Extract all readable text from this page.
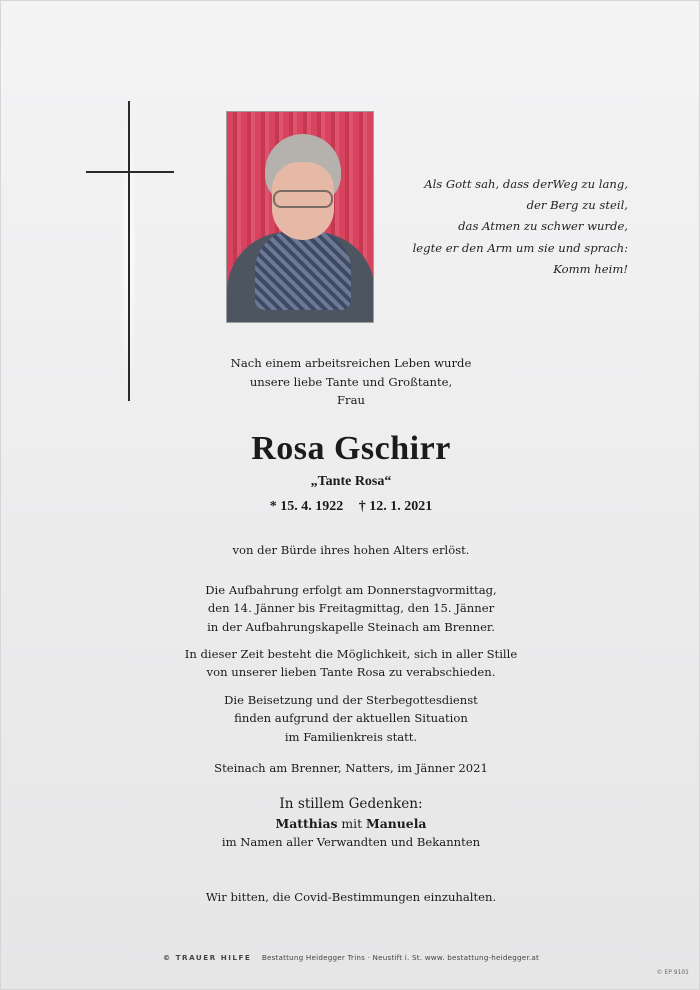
Als Gott sah, dass derWeg zu lang,
der Berg zu steil,
das Atmen zu schwer wurde,
legte er den Arm um sie und sprach:
Komm heim!
Nach einem arbeitsreichen Leben wurde
unsere liebe Tante und Großtante,
Frau
Rosa Gschirr
„Tante Rosa“
* 15. 4. 1922 † 12. 1. 2021
von der Bürde ihres hohen Alters erlöst.
Die Aufbahrung erfolgt am Donnerstagvormittag,
den 14. Jänner bis Freitagmittag, den 15. Jänner
in der Aufbahrungskapelle Steinach am Brenner.
In dieser Zeit besteht die Möglichkeit, sich in aller Stille
von unserer lieben Tante Rosa zu verabschieden.
Die Beisetzung und der Sterbegottesdienst
finden aufgrund der aktuellen Situation
im Familienkreis statt.
Steinach am Brenner, Natters, im Jänner 2021
In stillem Gedenken:
Matthias mit Manuela
im Namen aller Verwandten und Bekannten
Wir bitten, die Covid-Bestimmungen einzuhalten.
© TRAUER HILFE Bestattung Heidegger Trins · Neustift i. St. www. bestattung-heidegger.at
© EP 9101
